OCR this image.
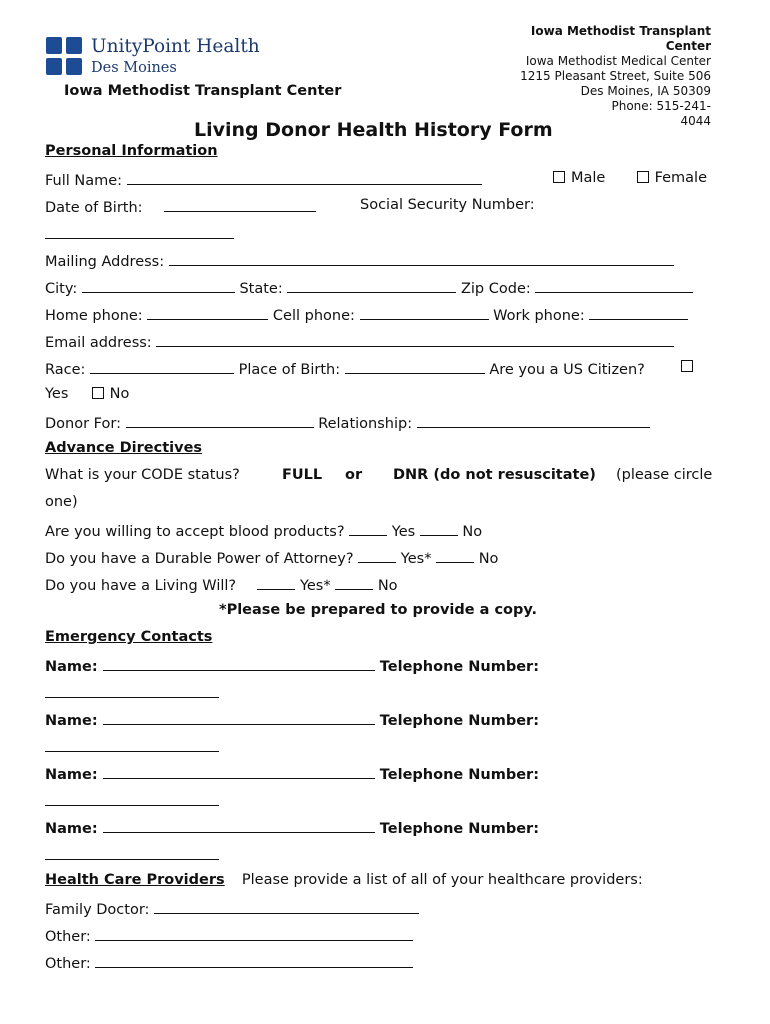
UnityPoint Health
Des Moines
Iowa Methodist Transplant Center
Iowa Methodist Transplant
Center
Iowa Methodist Medical Center
1215 Pleasant Street, Suite 506
Des Moines, IA 50309
Phone: 515-241-
4044
Living Donor Health History Form
Personal Information
Full Name:	Male	Female
Date of Birth:	Social Security Number:
Mailing Address:
City:	State:	Zip Code:
Home phone:	Cell phone:	Work phone:
Email address:
Race:	Place of Birth:	Are you a US Citizen?
Yes	No
Donor For:	Relationship:
Advance Directives
What is your CODE status?	FULL or DNR (do not resuscitate) (please circle
one)
Are you willing to accept blood products?	Yes	No
Do you have a Durable Power of Attorney?	Yes*	No
Do you have a Living Will?	Yes*	No
*Please be prepared to provide a copy.
Emergency Contacts
Name:	Telephone Number:
Name:	Telephone Number:
Name:	Telephone Number:
Name:	Telephone Number:
Health Care Providers Please provide a list of all of your healthcare providers:
Family Doctor:
Other:
Other:
